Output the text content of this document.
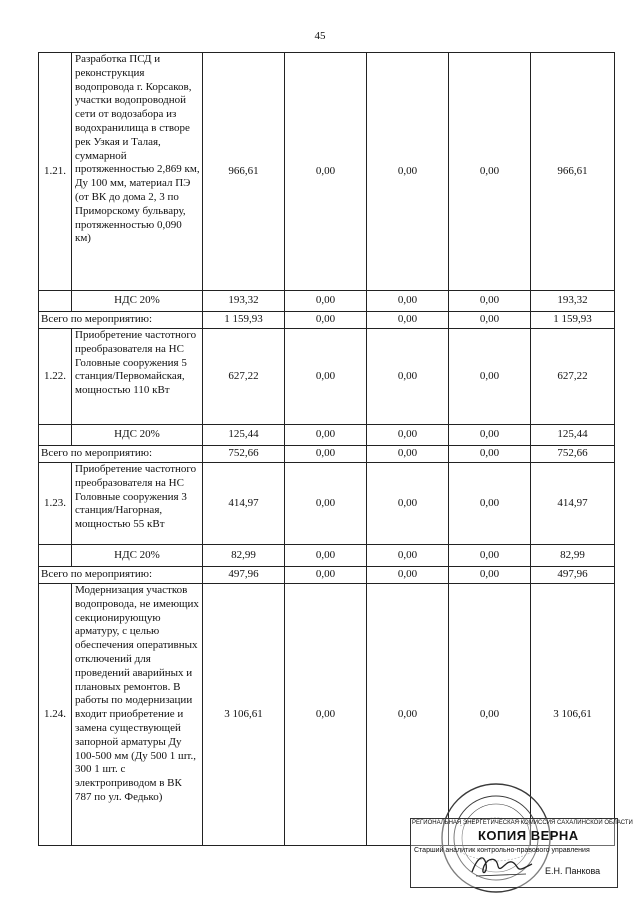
45
1.21.	Разработка ПСД и реконструкция водопровода г. Корсаков, участки водопроводной сети от водозабора из водохранилища в створе рек Узкая и Талая, суммарной протяженностью 2,869 км, Ду 100 мм, материал ПЭ (от ВК до дома 2, 3 по Приморскому бульвару, протяженностью 0,090 км)	966,61	0,00	0,00	0,00	966,61
	НДС 20%	193,32	0,00	0,00	0,00	193,32
Всего по мероприятию:		1 159,93	0,00	0,00	0,00	1 159,93
1.22.	Приобретение частотного преобразователя на НС Головные сооружения 5 станция/Первомайская, мощностью 110 кВт	627,22	0,00	0,00	0,00	627,22
	НДС 20%	125,44	0,00	0,00	0,00	125,44
Всего по мероприятию:		752,66	0,00	0,00	0,00	752,66
1.23.	Приобретение частотного преобразователя на НС Головные сооружения 3 станция/Нагорная, мощностью 55 кВт	414,97	0,00	0,00	0,00	414,97
	НДС 20%	82,99	0,00	0,00	0,00	82,99
Всего по мероприятию:		497,96	0,00	0,00	0,00	497,96
1.24.	Модернизация участков водопровода, не имеющих секционирующую арматуру, с целью обеспечения оперативных отключений для проведений аварийных и плановых ремонтов. В работы по модернизации входит приобретение и замена существующей запорной арматуры Ду 100-500 мм (Ду 500 1 шт., 300 1 шт. с электроприводом в ВК 787 по ул. Федько)	3 106,61	0,00	0,00	0,00	3 106,61
РЕГИОНАЛЬНАЯ ЭНЕРГЕТИЧЕСКАЯ КОМИССИЯ САХАЛИНСКОЙ ОБЛАСТИ
КОПИЯ ВЕРНА
Старший аналитик контрольно-правового управления
Е.Н. Панкова
